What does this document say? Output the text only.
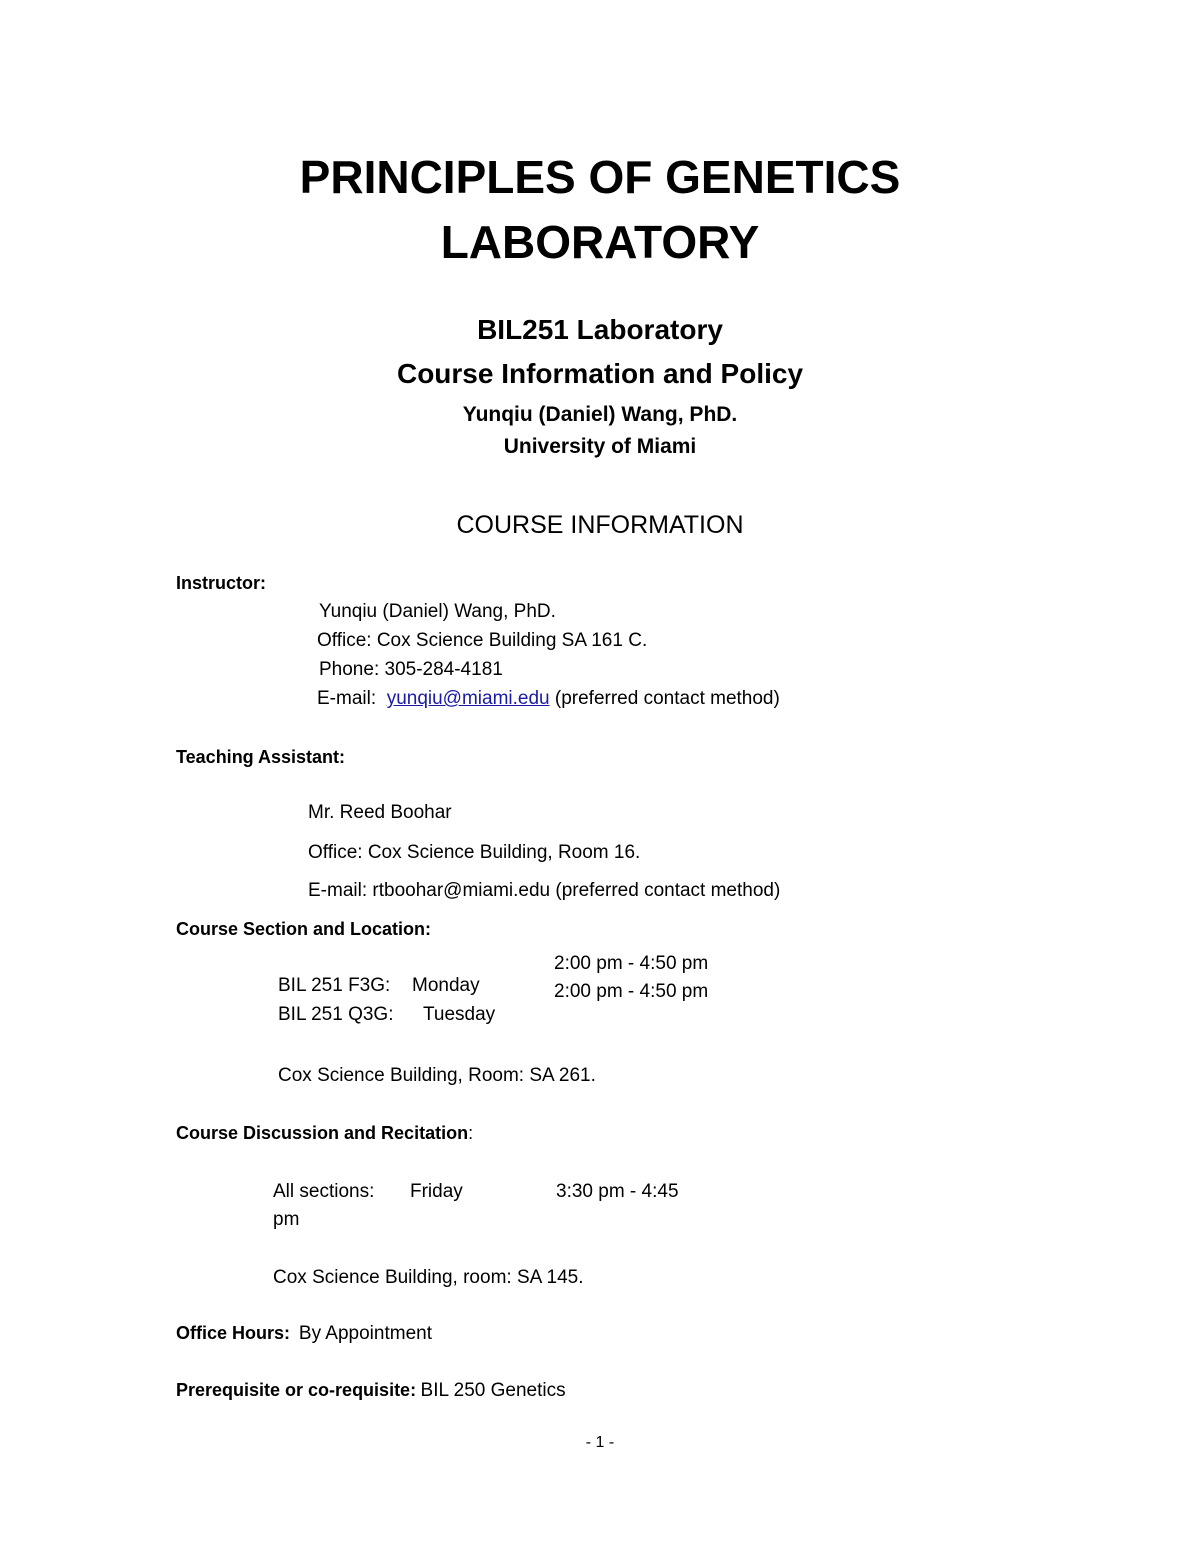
PRINCIPLES OF GENETICS
LABORATORY
BIL251 Laboratory
Course Information and Policy
Yunqiu (Daniel) Wang, PhD.
University of Miami
COURSE INFORMATION
Instructor:
Yunqiu (Daniel) Wang, PhD.
Office: Cox Science Building SA 161 C.
Phone: 305-284-4181
E-mail: yunqiu@miami.edu (preferred contact method)
Teaching Assistant:
Mr. Reed Boohar
Office: Cox Science Building, Room 16.
E-mail: rtboohar@miami.edu (preferred contact method)
Course Section and Location:
BIL 251 F3G: Monday
BIL 251 Q3G: Tuesday
2:00 pm - 4:50 pm
2:00 pm - 4:50 pm
Cox Science Building, Room: SA 261.
Course Discussion and Recitation:
All sections: Friday	3:30 pm - 4:45
pm
Cox Science Building, room: SA 145.
Office Hours: By Appointment
Prerequisite or co-requisite: BIL 250 Genetics
- 1 -
